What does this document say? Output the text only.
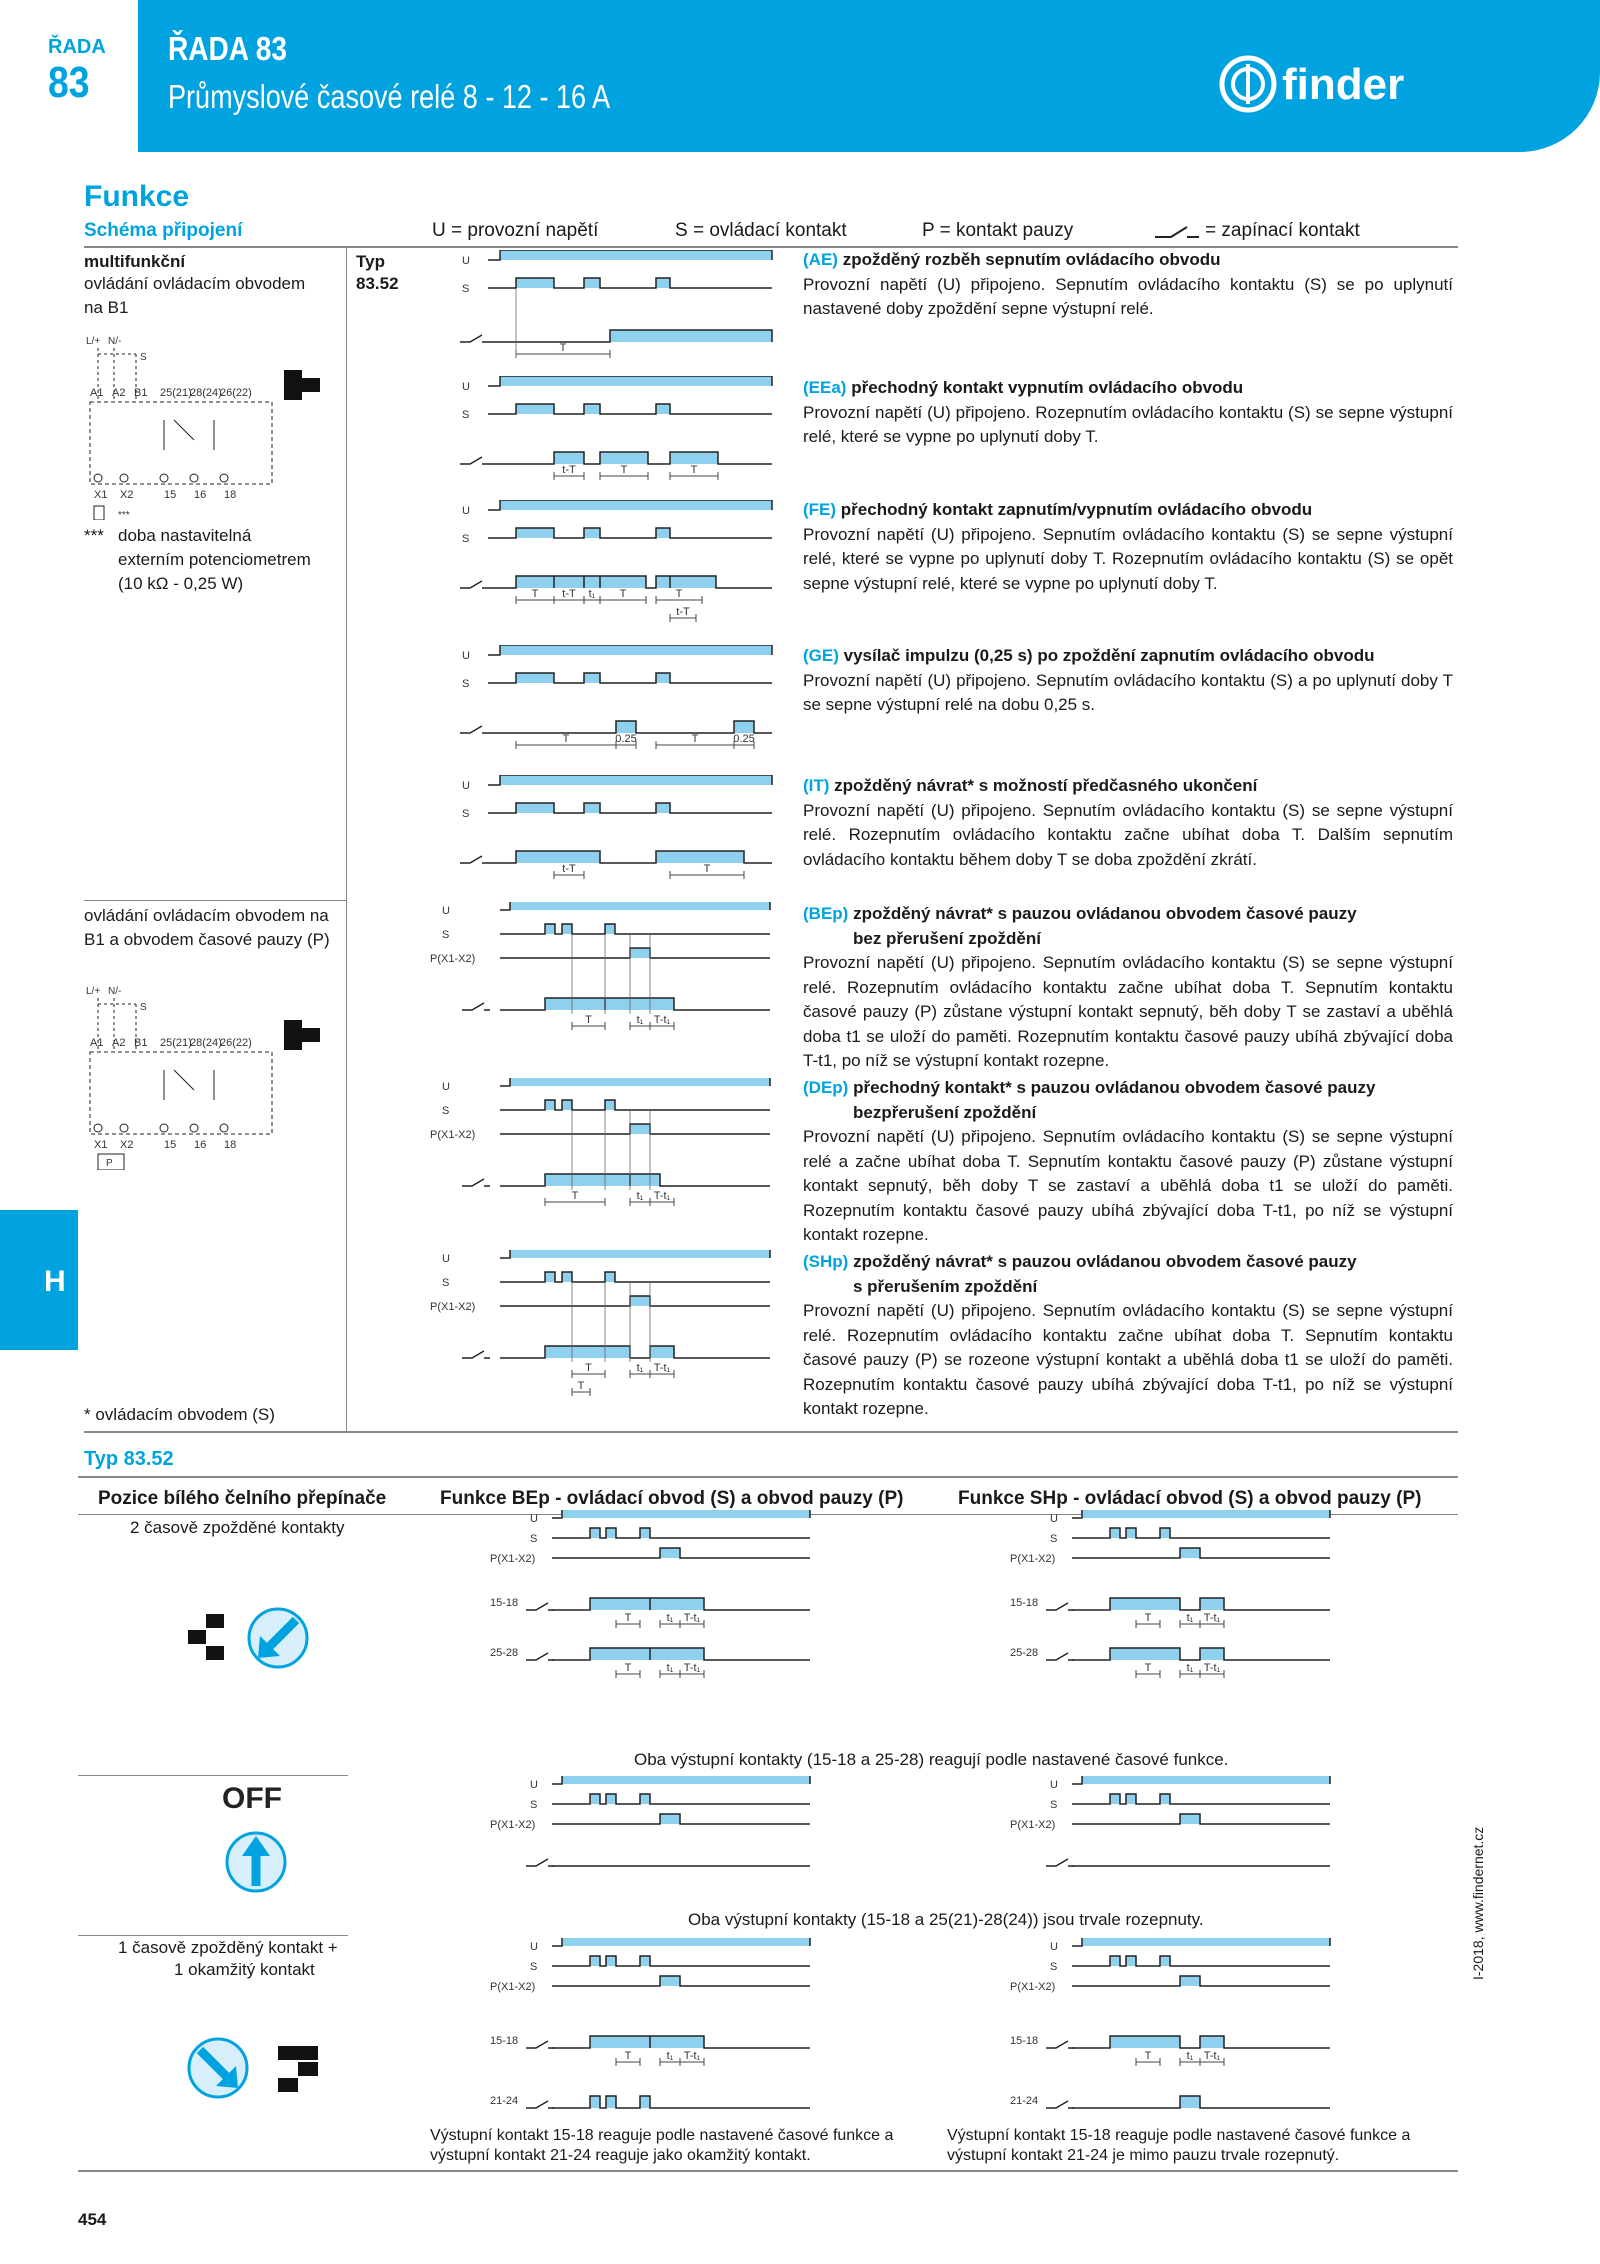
ŘADA
83
ŘADA 83
Průmyslové časové relé 8 - 12 - 16 A	finder
H
Funkce
Schéma připojení	U = provozní napětí	S = ovládací kontakt	P = kontakt pauzy	= zapínací kontakt
multifunkční
ovládání ovládacím obvodem na B1
Typ
83.52
L/+ N/-
S
A1 A2 B1 25(21)
28(24)
26(22)
X1 X2	15 16 18
***
*** doba nastavitelná
externím potenciometrem
(10 kΩ - 0,25 W)
ovládání ovládacím obvodem na B1 a obvodem časové pauzy (P)
L/+ N/-
S
A1 A2 B1 25(21)
28(24)
26(22)
X1 X2	15 16 18
P
* ovládacím obvodem (S)
U
S
T
U
S
t-T	T	T
U
S
T t-T t₁ T	T
t-T
U
S
T	0.25	T	0.25
U
S
t-T	T
U
S
P(X1-X2)
T	t₁ T-t₁
U
S
P(X1-X2)
T	t₁ T-t₁
U
S
P(X1-X2)
T	t₁ T-t₁
T
(AE) zpožděný rozběh sepnutím ovládacího obvodu
Provozní napětí (U) připojeno. Sepnutím ovládacího kontaktu (S) se po uplynutí nastavené doby zpoždění sepne výstupní relé.
(EEa) přechodný kontakt vypnutím ovládacího obvodu
Provozní napětí (U) připojeno. Rozepnutím ovládacího kontaktu (S) se sepne výstupní relé, které se vypne po uplynutí doby T.
(FE) přechodný kontakt zapnutím/vypnutím ovládacího obvodu
Provozní napětí (U) připojeno. Sepnutím ovládacího kontaktu (S) se sepne výstupní relé, které se vypne po uplynutí doby T. Rozepnutím ovládacího kontaktu (S) se opět sepne výstupní relé, které se vypne po uplynutí doby T.
(GE) vysílač impulzu (0,25 s) po zpoždění zapnutím ovládacího obvodu
Provozní napětí (U) připojeno. Sepnutím ovládacího kontaktu (S) a po uplynutí doby T se sepne výstupní relé na dobu 0,25 s.
(IT) zpožděný návrat* s možností předčasného ukončení
Provozní napětí (U) připojeno. Sepnutím ovládacího kontaktu (S) se sepne výstupní relé. Rozepnutím ovládacího kontaktu začne ubíhat doba T. Dalším sepnutím ovládacího kontaktu během doby T se doba zpoždění zkrátí.
(BEp) zpožděný návrat* s pauzou ovládanou obvodem časové pauzy
bez přerušení zpoždění
Provozní napětí (U) připojeno. Sepnutím ovládacího kontaktu (S) se sepne výstupní relé. Rozepnutím ovládacího kontaktu začne ubíhat doba T. Sepnutím kontaktu časové pauzy (P) zůstane výstupní kontakt sepnutý, běh doby T se zastaví a uběhlá doba t1 se uloží do paměti. Rozepnutím kontaktu časové pauzy ubíhá zbývající doba T-t1, po níž se výstupní kontakt rozepne.
(DEp) přechodný kontakt* s pauzou ovládanou obvodem časové pauzy
bezpřerušení zpoždění
Provozní napětí (U) připojeno. Sepnutím ovládacího kontaktu (S) se sepne výstupní relé a začne ubíhat doba T. Sepnutím kontaktu časové pauzy (P) zůstane výstupní kontakt sepnutý, běh doby T se zastaví a uběhlá doba t1 se uloží do paměti. Rozepnutím kontaktu časové pauzy ubíhá zbývající doba T-t1, po níž se výstupní kontakt rozepne.
(SHp) zpožděný návrat* s pauzou ovládanou obvodem časové pauzy
s přerušením zpoždění
Provozní napětí (U) připojeno. Sepnutím ovládacího kontaktu (S) se sepne výstupní relé. Rozepnutím ovládacího kontaktu začne ubíhat doba T. Sepnutím kontaktu časové pauzy (P) se rozeone výstupní kontakt a uběhlá doba t1 se uloží do paměti. Rozepnutím kontaktu časové pauzy ubíhá zbývající doba T-t1, po níž se výstupní kontakt rozepne.
Typ 83.52
Pozice bílého čelního přepínače	Funkce BEp - ovládací obvod (S) a obvod pauzy (P)	Funkce SHp - ovládací obvod (S) a obvod pauzy (P)
2 časově zpožděné kontakty	U
S
P(X1-X2)
15-18
T	t₁ T-t₁
25-28
T	t₁ T-t₁
U
S
P(X1-X2)
15-18
T	t₁ T-t₁
25-28
T	t₁ T-t₁
Oba výstupní kontakty (15-18 a 25-28) reagují podle nastavené časové funkce.
OFF	U
S
P(X1-X2)
U
S
P(X1-X2)
Oba výstupní kontakty (15-18 a 25(21)-28(24)) jsou trvale rozepnuty.
1 časově zpožděný kontakt +
1 okamžitý kontakt
U
S
P(X1-X2)
15-18
T	t₁ T-t₁
21-24
U
S
P(X1-X2)
15-18
T	t₁ T-t₁
21-24
Výstupní kontakt 15-18 reaguje podle nastavené časové funkce a výstupní kontakt 21-24 reaguje jako okamžitý kontakt.
Výstupní kontakt 15-18 reaguje podle nastavené časové funkce a výstupní kontakt 21-24 je mimo pauzu trvale rozepnutý.
454
I-2018, www.findernet.cz
